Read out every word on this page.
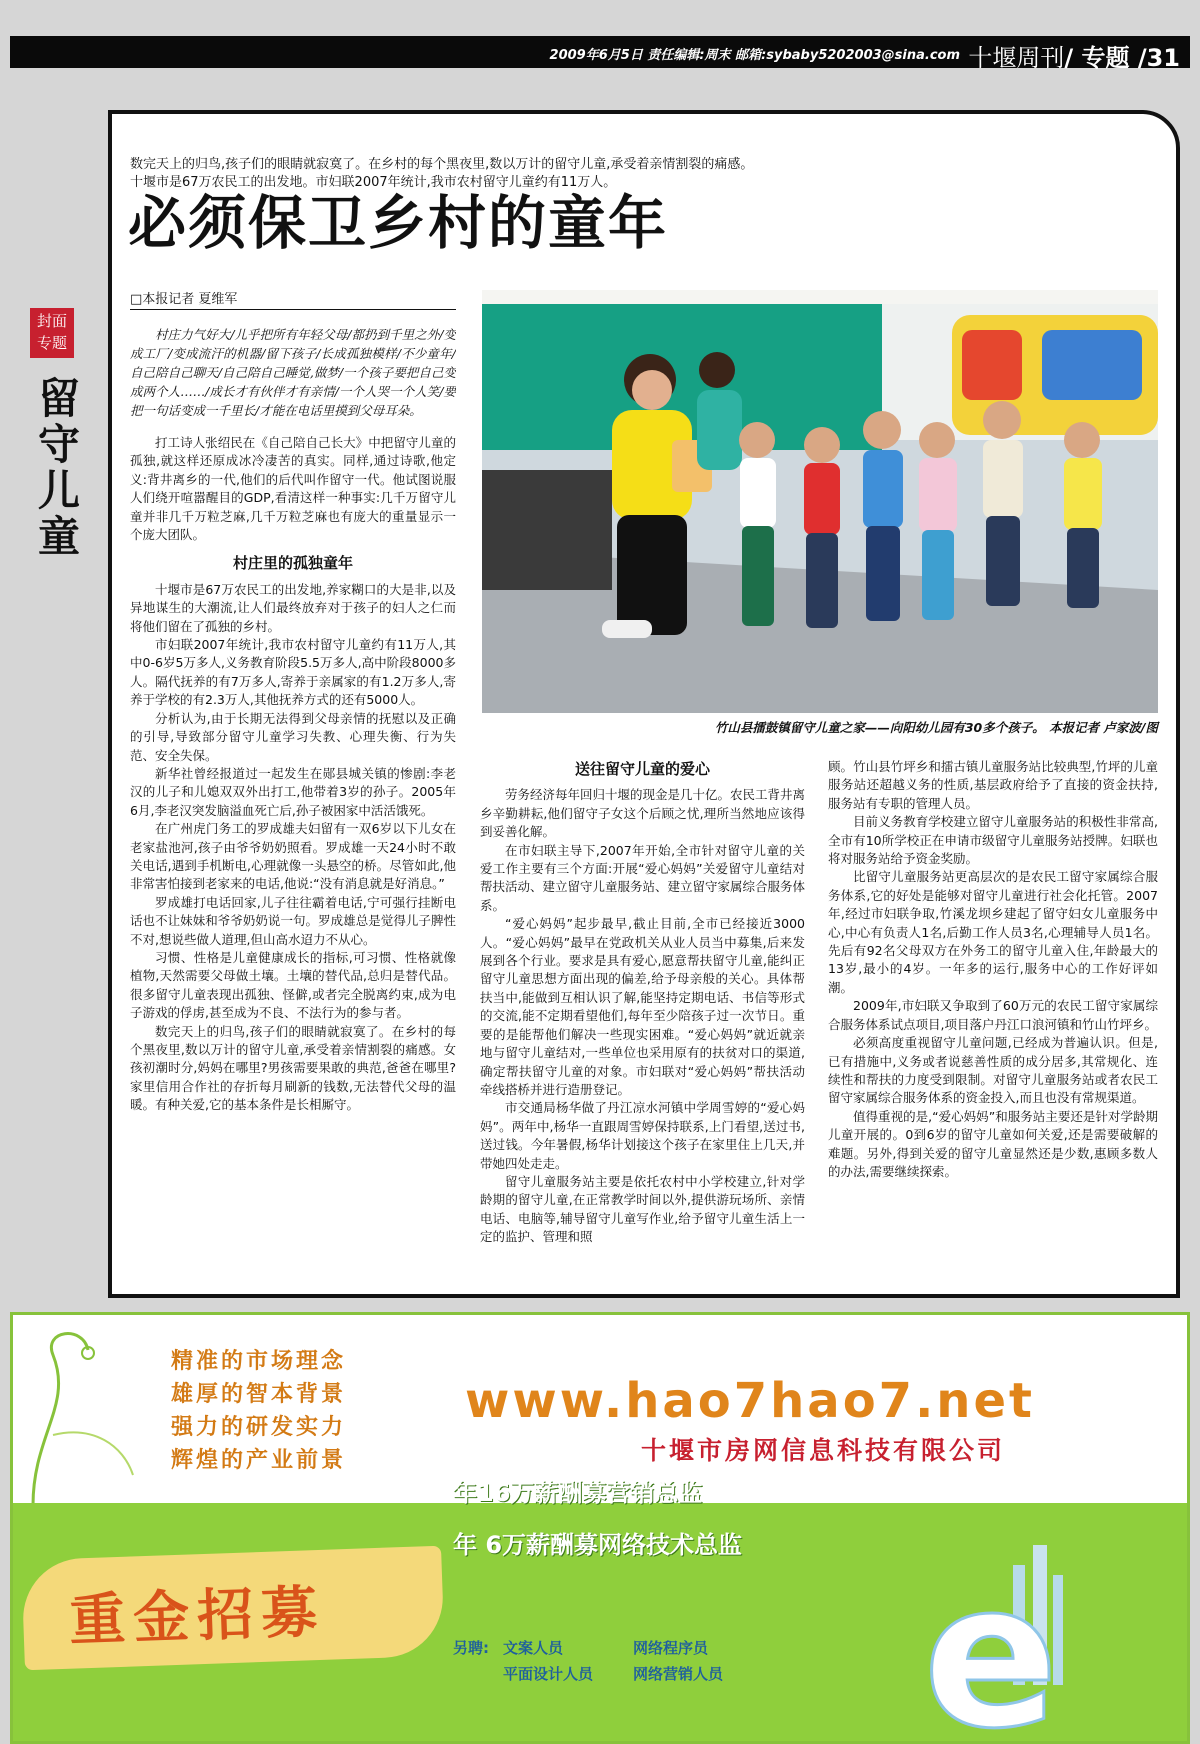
2009年6月5日 责任编辑:周末 邮箱:sybaby5202003@sina.com 十堰周刊/ 专题 /31
封面专题
留守儿童
数完天上的归鸟,孩子们的眼睛就寂寞了。在乡村的每个黑夜里,数以万计的留守儿童,承受着亲情割裂的痛感。
十堰市是67万农民工的出发地。市妇联2007年统计,我市农村留守儿童约有11万人。
必须保卫乡村的童年
□本报记者 夏维军

村庄力气好大/儿乎把所有年轻父母/都扔到千里之外/变成工厂/变成流汗的机器/留下孩子/长成孤独模样/不少童年/自己陪自己聊天/自己陪自己睡觉,做梦/一个孩子要把自己变成两个人……/成长才有伙伴才有亲情/一个人哭一个人笑/要把一句话变成一千里长/才能在电话里摸到父母耳朵。

打工诗人张绍民在《自己陪自己长大》中把留守儿童的孤独,就这样还原成冰冷凄苦的真实。同样,通过诗歌,他定义:背井离乡的一代,他们的后代叫作留守一代。他试图说服人们绕开喧嚣醒目的GDP,看清这样一种事实:几千万留守儿童并非几千万粒芝麻,几千万粒芝麻也有庞大的重量显示一个庞大团队。

村庄里的孤独童年

十堰市是67万农民工的出发地,养家糊口的大是非,以及异地谋生的大潮流,让人们最终放弃对于孩子的妇人之仁而将他们留在了孤独的乡村。

市妇联2007年统计,我市农村留守儿童约有11万人,其中0-6岁5万多人,义务教育阶段5.5万多人,高中阶段8000多人。隔代抚养的有7万多人,寄养于亲属家的有1.2万多人,寄养于学校的有2.3万人,其他抚养方式的还有5000人。

分析认为,由于长期无法得到父母亲情的抚慰以及正确的引导,导致部分留守儿童学习失教、心理失衡、行为失范、安全失保。

新华社曾经报道过一起发生在郧县城关镇的惨剧:李老汉的儿子和儿媳双双外出打工,他带着3岁的孙子。2005年6月,李老汉突发脑溢血死亡后,孙子被困家中活活饿死。

在广州虎门务工的罗成雄夫妇留有一双6岁以下儿女在老家盐池河,孩子由爷爷奶奶照看。罗成雄一天24小时不敢关电话,遇到手机断电,心理就像一头悬空的桥。尽管如此,他非常害怕接到老家来的电话,他说:“没有消息就是好消息。”

罗成雄打电话回家,儿子往往霸着电话,宁可强行挂断电话也不让妹妹和爷爷奶奶说一句。罗成雄总是觉得儿子脾性不对,想说些做人道理,但山高水迢力不从心。

习惯、性格是儿童健康成长的指标,可习惯、性格就像植物,天然需要父母做土壤。土壤的替代品,总归是替代品。很多留守儿童表现出孤独、怪僻,或者完全脱离约束,成为电子游戏的俘虏,甚至成为不良、不法行为的参与者。

数完天上的归鸟,孩子们的眼睛就寂寞了。在乡村的每个黑夜里,数以万计的留守儿童,承受着亲情割裂的痛感。女孩初潮时分,妈妈在哪里?男孩需要果敢的典范,爸爸在哪里?家里信用合作社的存折每月刷新的钱数,无法替代父母的温暖。有种关爱,它的基本条件是长相厮守。

竹山县擂鼓镇留守儿童之家——向阳幼儿园有30多个孩子。 本报记者 卢家波/图
送往留守儿童的爱心

劳务经济每年回归十堰的现金是几十亿。农民工背井离乡辛勤耕耘,他们留守子女这个后顾之忧,理所当然地应该得到妥善化解。

在市妇联主导下,2007年开始,全市针对留守儿童的关爱工作主要有三个方面:开展“爱心妈妈”关爱留守儿童结对帮扶活动、建立留守儿童服务站、建立留守家属综合服务体系。

“爱心妈妈”起步最早,截止目前,全市已经接近3000人。“爱心妈妈”最早在党政机关从业人员当中募集,后来发展到各个行业。要求是具有爱心,愿意帮扶留守儿童,能纠正留守儿童思想方面出现的偏差,给予母亲般的关心。具体帮扶当中,能做到互相认识了解,能坚持定期电话、书信等形式的交流,能不定期看望他们,每年至少陪孩子过一次节日。重要的是能帮他们解决一些现实困难。“爱心妈妈”就近就亲地与留守儿童结对,一些单位也采用原有的扶贫对口的渠道,确定帮扶留守儿童的对象。市妇联对“爱心妈妈”帮扶活动牵线搭桥并进行造册登记。

市交通局杨华做了丹江凉水河镇中学周雪婷的“爱心妈妈”。两年中,杨华一直跟周雪婷保持联系,上门看望,送过书,送过钱。今年暑假,杨华计划接这个孩子在家里住上几天,并带她四处走走。

留守儿童服务站主要是依托农村中小学校建立,针对学龄期的留守儿童,在正常教学时间以外,提供游玩场所、亲情电话、电脑等,辅导留守儿童写作业,给予留守儿童生活上一定的监护、管理和照

顾。竹山县竹坪乡和擂古镇儿童服务站比较典型,竹坪的儿童服务站还超越义务的性质,基层政府给予了直接的资金扶持,服务站有专职的管理人员。

目前义务教育学校建立留守儿童服务站的积极性非常高,全市有10所学校正在申请市级留守儿童服务站授牌。妇联也将对服务站给予资金奖励。

比留守儿童服务站更高层次的是农民工留守家属综合服务体系,它的好处是能够对留守儿童进行社会化托管。2007年,经过市妇联争取,竹溪龙坝乡建起了留守妇女儿童服务中心,中心有负责人1名,后勤工作人员3名,心理辅导人员1名。先后有92名父母双方在外务工的留守儿童入住,年龄最大的13岁,最小的4岁。一年多的运行,服务中心的工作好评如潮。

2009年,市妇联又争取到了60万元的农民工留守家属综合服务体系试点项目,项目落户丹江口浪河镇和竹山竹坪乡。

必须高度重视留守儿童问题,已经成为普遍认识。但是,已有措施中,义务或者说慈善性质的成分居多,其常规化、连续性和帮扶的力度受到限制。对留守儿童服务站或者农民工留守家属综合服务体系的资金投入,而且也没有常规渠道。

值得重视的是,“爱心妈妈”和服务站主要还是针对学龄期儿童开展的。0到6岁的留守儿童如何关爱,还是需要破解的难题。另外,得到关爱的留守儿童显然还是少数,惠顾多数人的办法,需要继续探索。

精准的市场理念
雄厚的智本背景
强力的研发实力
辉煌的产业前景
www.hao7hao7.net
十堰市房网信息科技有限公司
年16万薪酬募营销总监
年 6万薪酬募网络技术总监
重金招募	另聘: 文案人员	网络程序员
平面设计人员	网络营销人员 e
